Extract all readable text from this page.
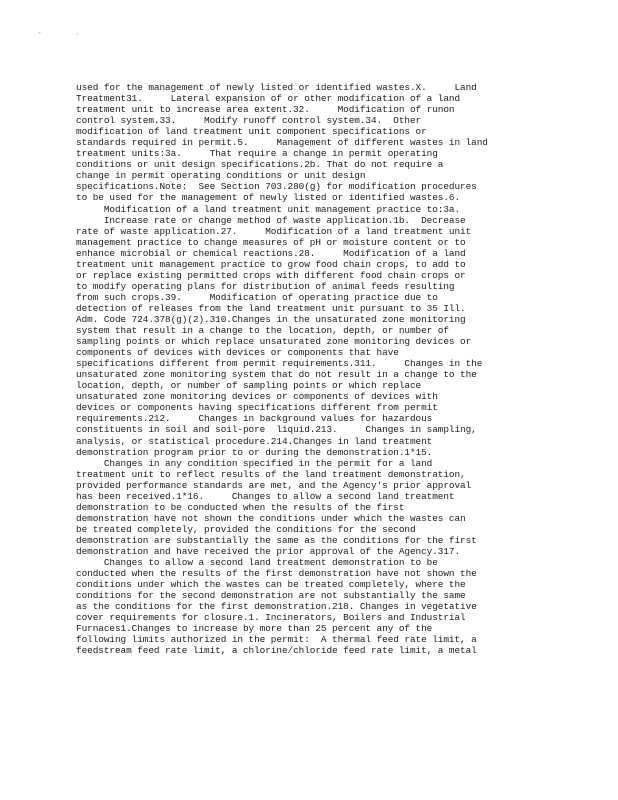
-	·
used for the management of newly listed or identified wastes.X.     Land
Treatment31.     Lateral expansion of or other modification of a land
treatment unit to increase area extent.32.     Modification of runon
control system.33.     Modify runoff control system.34.  Other
modification of land treatment unit component specifications or
standards required in permit.5.     Management of different wastes in land
treatment units:3a.     That require a change in permit operating
conditions or unit design specifications.2b. That do not require a
change in permit operating conditions or unit design
specifications.Note:  See Section 703.280(g) for modification procedures
to be used for the management of newly listed or identified wastes.6.
Modification of a land treatment unit management practice to:3a.
Increase rate or change method of waste application.1b.  Decrease
rate of waste application.27.     Modification of a land treatment unit
management practice to change measures of pH or moisture content or to
enhance microbial or chemical reactions.28.     Modification of a land
treatment unit management practice to grow food chain crops, to add to
or replace existing permitted crops with different food chain crops or
to modify operating plans for distribution of animal feeds resulting
from such crops.39.     Modification of operating practice due to
detection of releases from the land treatment unit pursuant to 35 Ill.
Adm. Code 724.378(g)(2).310.Changes in the unsaturated zone monitoring
system that result in a change to the location, depth, or number of
sampling points or which replace unsaturated zone monitoring devices or
components of devices with devices or components that have
specifications different from permit requirements.311.     Changes in the
unsaturated zone monitoring system that do not result in a change to the
location, depth, or number of sampling points or which replace
unsaturated zone monitoring devices or components of devices with
devices or components having specifications different from permit
requirements.212.     Changes in background values for hazardous
constituents in soil and soil-pore  liquid.213.     Changes in sampling,
analysis, or statistical procedure.214.Changes in land treatment
demonstration program prior to or during the demonstration.1*15.
Changes in any condition specified in the permit for a land
treatment unit to reflect results of the land treatment demonstration,
provided performance standards are met, and the Agency's prior approval
has been received.1*16.     Changes to allow a second land treatment
demonstration to be conducted when the results of the first
demonstration have not shown the conditions under which the wastes can
be treated completely, provided the conditions for the second
demonstration are substantially the same as the conditions for the first
demonstration and have received the prior approval of the Agency.317.
Changes to allow a second land treatment demonstration to be
conducted when the results of the first demonstration have not shown the
conditions under which the wastes can be treated completely, where the
conditions for the second demonstration are not substantially the same
as the conditions for the first demonstration.218. Changes in vegetative
cover requirements for closure.1. Incinerators, Boilers and Industrial
Furnaces1.Changes to increase by more than 25 percent any of the
following limits authorized in the permit:  A thermal feed rate limit, a
feedstream feed rate limit, a chlorine/chloride feed rate limit, a metal
